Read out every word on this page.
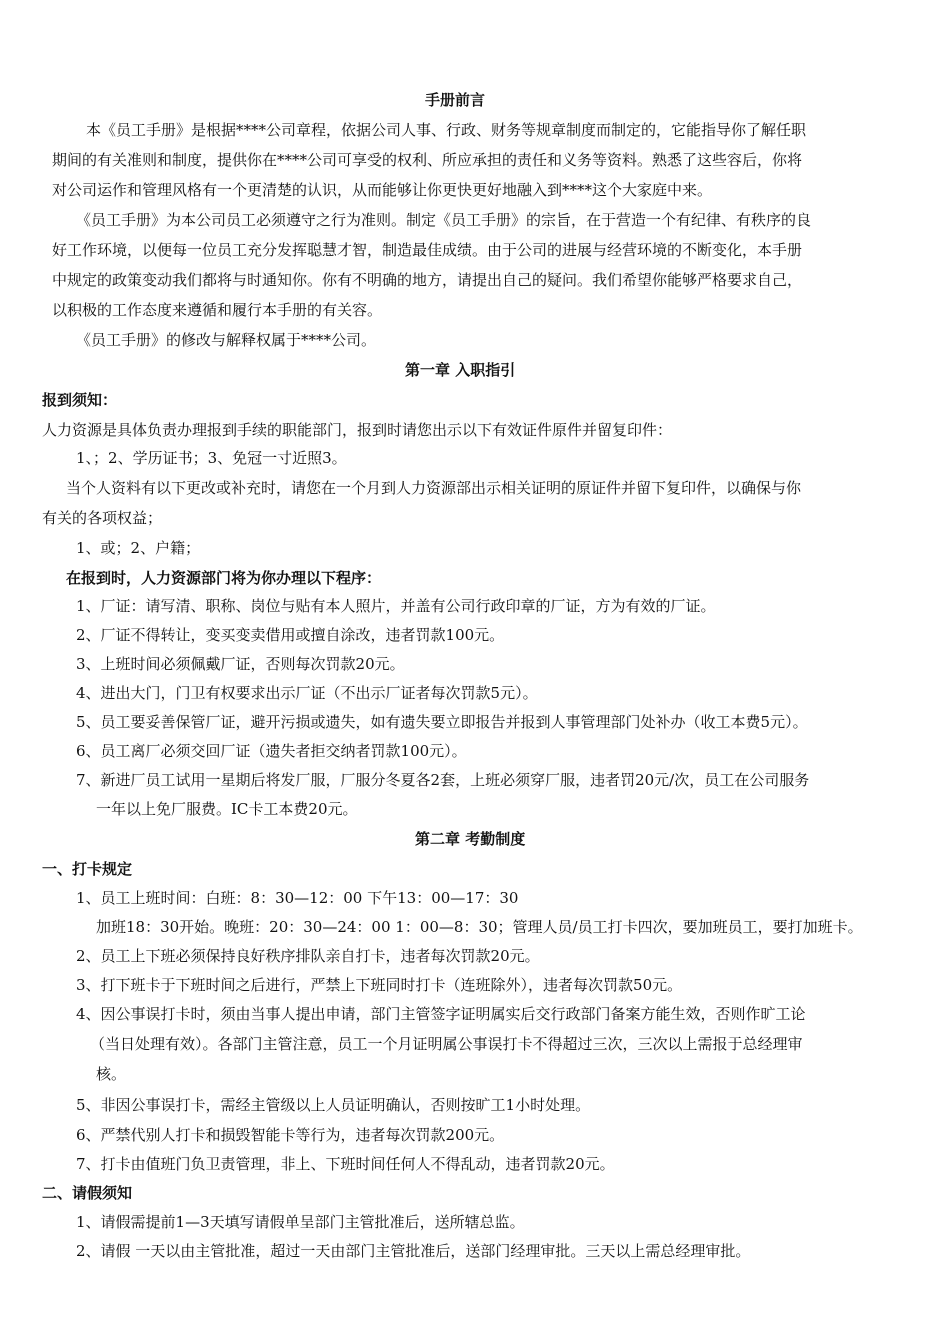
手册前言
本《员工手册》是根据****公司章程，依据公司人事、行政、财务等规章制度而制定的，它能指导你了解任职
期间的有关准则和制度，提供你在****公司可享受的权利、所应承担的责任和义务等资料。熟悉了这些容后，你将
对公司运作和管理风格有一个更清楚的认识，从而能够让你更快更好地融入到****这个大家庭中来。
《员工手册》为本公司员工必须遵守之行为准则。制定《员工手册》的宗旨，在于营造一个有纪律、有秩序的良
好工作环境，以便每一位员工充分发挥聪慧才智，制造最佳成绩。由于公司的进展与经营环境的不断变化，本手册
中规定的政策变动我们都将与时通知你。你有不明确的地方，请提出自己的疑问。我们希望你能够严格要求自己，
以积极的工作态度来遵循和履行本手册的有关容。
《员工手册》的修改与解释权属于****公司。
第一章 入职指引
报到须知：
人力资源是具体负责办理报到手续的职能部门，报到时请您出示以下有效证件原件并留复印件：
1、；2、学历证书；3、免冠一寸近照3。
当个人资料有以下更改或补充时，请您在一个月到人力资源部出示相关证明的原证件并留下复印件，以确保与你
有关的各项权益；
1、或；2、户籍；
在报到时，人力资源部门将为你办理以下程序：
1、厂证：请写清、职称、岗位与贴有本人照片，并盖有公司行政印章的厂证，方为有效的厂证。
2、厂证不得转让，变买变卖借用或擅自涂改，违者罚款100元。
3、上班时间必须佩戴厂证，否则每次罚款20元。
4、进出大门，门卫有权要求出示厂证（不出示厂证者每次罚款5元）。
5、员工要妥善保管厂证，避开污损或遗失，如有遗失要立即报告并报到人事管理部门处补办（收工本费5元）。
6、员工离厂必须交回厂证（遗失者拒交纳者罚款100元）。
7、新进厂员工试用一星期后将发厂服，厂服分冬夏各2套，上班必须穿厂服，违者罚20元/次，员工在公司服务
一年以上免厂服费。IC卡工本费20元。
第二章 考勤制度
一、打卡规定
1、员工上班时间：白班：8：30—12：00 下午13：00—17：30
加班18：30开始。晚班：20：30—24：00 1：00—8：30；管理人员/员工打卡四次，要加班员工，要打加班卡。
2、员工上下班必须保持良好秩序排队亲自打卡，违者每次罚款20元。
3、打下班卡于下班时间之后进行，严禁上下班同时打卡（连班除外），违者每次罚款50元。
4、因公事误打卡时，须由当事人提出申请，部门主管签字证明属实后交行政部门备案方能生效，否则作旷工论
（当日处理有效）。各部门主管注意，员工一个月证明属公事误打卡不得超过三次，三次以上需报于总经理审
核。
5、非因公事误打卡，需经主管级以上人员证明确认，否则按旷工1小时处理。
6、严禁代别人打卡和损毁智能卡等行为，违者每次罚款200元。
7、打卡由值班门负卫责管理，非上、下班时间任何人不得乱动，违者罚款20元。
二、请假须知
1、请假需提前1—3天填写请假单呈部门主管批准后，送所辖总监。
2、请假 一天以由主管批准，超过一天由部门主管批准后，送部门经理审批。三天以上需总经理审批。
